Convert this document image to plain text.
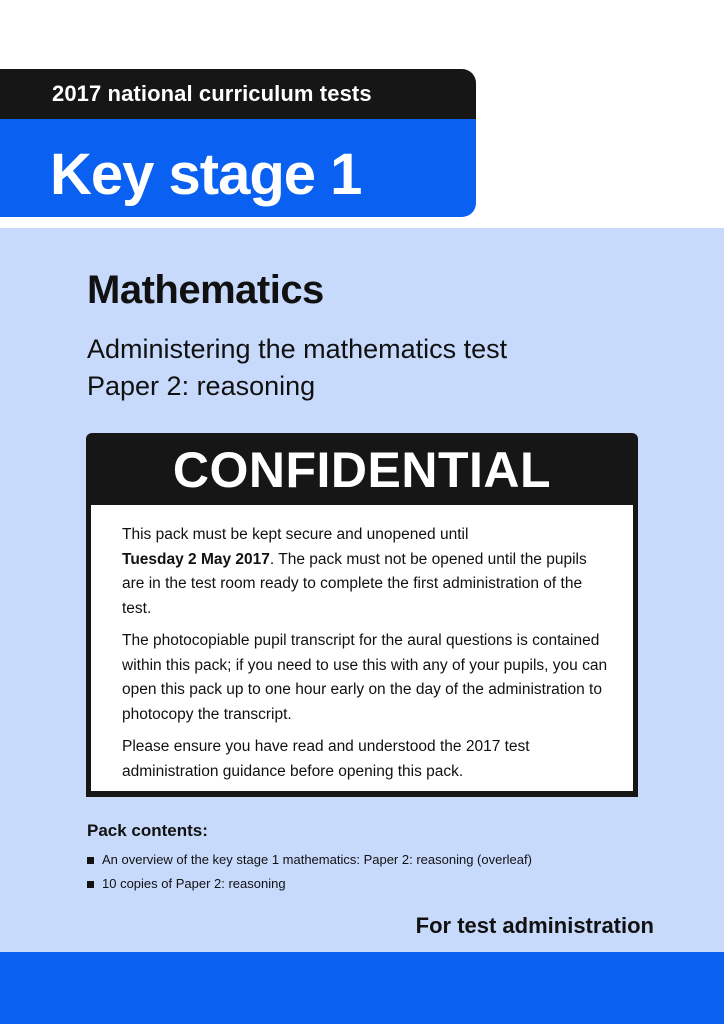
2017 national curriculum tests
Key stage 1
Mathematics
Administering the mathematics test
Paper 2: reasoning
CONFIDENTIAL

This pack must be kept secure and unopened until
Tuesday 2 May 2017. The pack must not be opened until the pupils are in the test room ready to complete the first administration of the test.

The photocopiable pupil transcript for the aural questions is contained within this pack; if you need to use this with any of your pupils, you can open this pack up to one hour early on the day of the administration to photocopy the transcript.

Please ensure you have read and understood the 2017 test administration guidance before opening this pack.

Pack contents:
An overview of the key stage 1 mathematics: Paper 2: reasoning (overleaf)
10 copies of Paper 2: reasoning
For test administration
